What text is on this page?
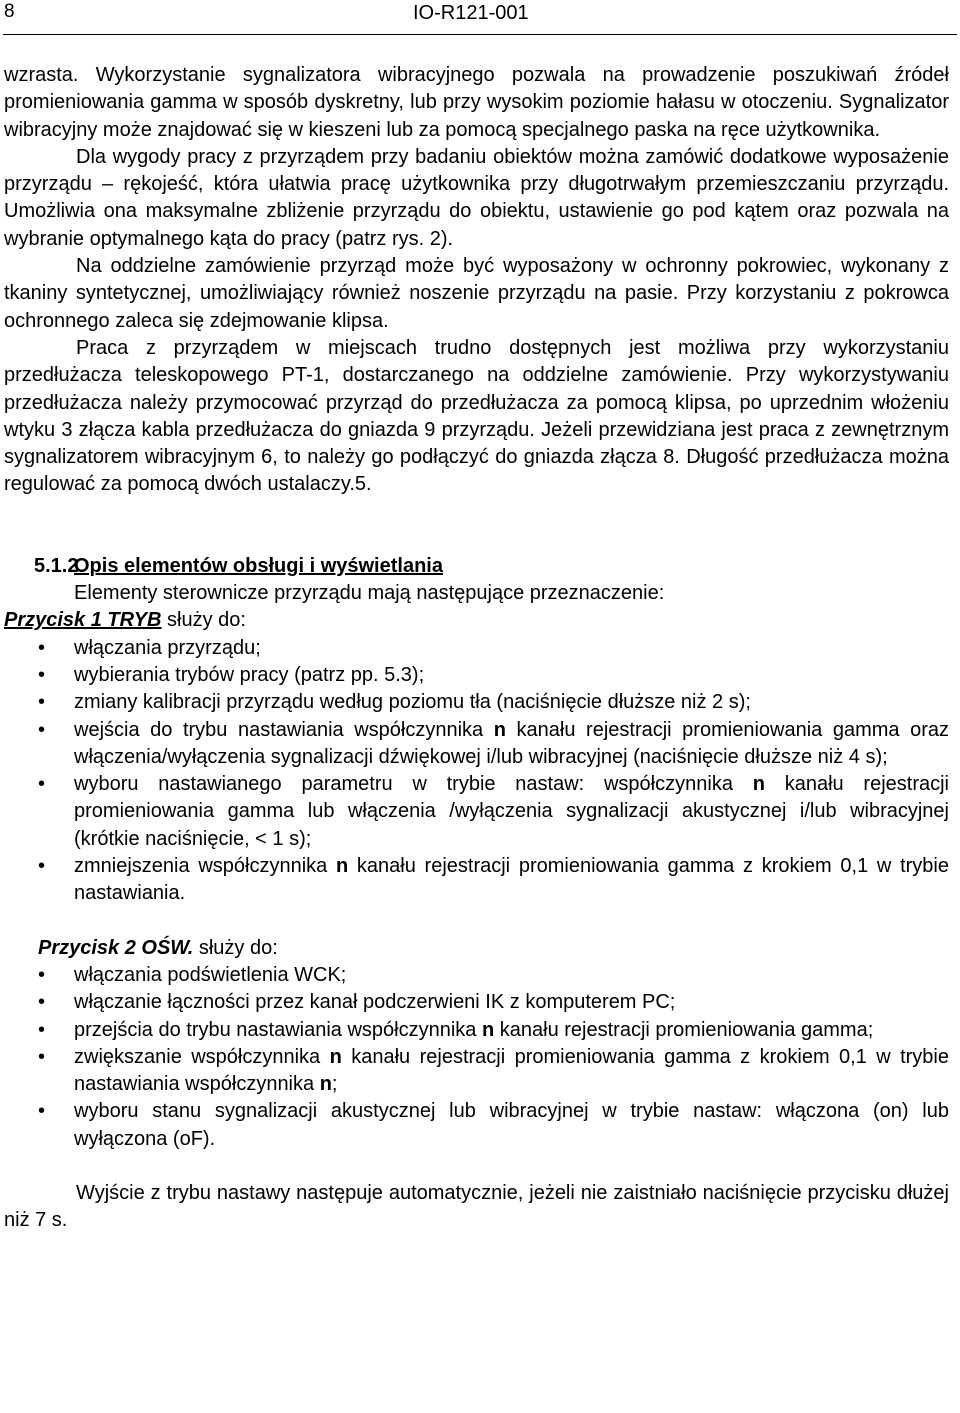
8	IO-R121-001

wzrasta. Wykorzystanie sygnalizatora wibracyjnego pozwala na prowadzenie poszukiwań źródeł promieniowania gamma w sposób dyskretny, lub przy wysokim poziomie hałasu w otoczeniu. Sygnalizator wibracyjny może znajdować się w kieszeni lub za pomocą specjalnego paska na ręce użytkownika.

Dla wygody pracy z przyrządem przy badaniu obiektów można zamówić dodatkowe wyposażenie przyrządu – rękojeść, która ułatwia pracę użytkownika przy długotrwałym przemieszczaniu przyrządu. Umożliwia ona maksymalne zbliżenie przyrządu do obiektu, ustawienie go pod kątem oraz pozwala na wybranie optymalnego kąta do pracy (patrz rys. 2).

Na oddzielne zamówienie przyrząd może być wyposażony w ochronny pokrowiec, wykonany z tkaniny syntetycznej, umożliwiający również noszenie przyrządu na pasie. Przy korzystaniu z pokrowca ochronnego zaleca się zdejmowanie klipsa.

Praca z przyrządem w miejscach trudno dostępnych jest możliwa przy wykorzystaniu przedłużacza teleskopowego PT-1, dostarczanego na oddzielne zamówienie. Przy wykorzystywaniu przedłużacza należy przymocować przyrząd do przedłużacza za pomocą klipsa, po uprzednim włożeniu wtyku 3 złącza kabla przedłużacza do gniazda 9 przyrządu. Jeżeli przewidziana jest praca z zewnętrznym sygnalizatorem wibracyjnym 6, to należy go podłączyć do gniazda złącza 8. Długość przedłużacza można regulować za pomocą dwóch ustalaczy.5.

5.1.2Opis elementów obsługi i wyświetlania

Elementy sterownicze przyrządu mają następujące przeznaczenie:

Przycisk 1 TRYB służy do:

• włączania przyrządu;
• wybierania trybów pracy (patrz pp. 5.3);
• zmiany kalibracji przyrządu według poziomu tła (naciśnięcie dłuższe niż 2 s);
• wejścia do trybu nastawiania współczynnika n kanału rejestracji promieniowania gamma oraz włączenia/wyłączenia sygnalizacji dźwiękowej i/lub wibracyjnej (naciśnięcie dłuższe niż 4 s);
• wyboru nastawianego parametru w trybie nastaw: współczynnika n kanału rejestracji promieniowania gamma lub włączenia /wyłączenia sygnalizacji akustycznej i/lub wibracyjnej (krótkie naciśnięcie, < 1 s);
• zmniejszenia współczynnika n kanału rejestracji promieniowania gamma z krokiem 0,1 w trybie nastawiania.

Przycisk 2 OŚW. służy do:

• włączania podświetlenia WCK;
• włączanie łączności przez kanał podczerwieni IK z komputerem PC;
• przejścia do trybu nastawiania współczynnika n kanału rejestracji promieniowania gamma;
• zwiększanie współczynnika n kanału rejestracji promieniowania gamma z krokiem 0,1 w trybie nastawiania współczynnika n;
• wyboru stanu sygnalizacji akustycznej lub wibracyjnej w trybie nastaw: włączona (on) lub wyłączona (oF).

Wyjście z trybu nastawy następuje automatycznie, jeżeli nie zaistniało naciśnięcie przycisku dłużej niż 7 s.
